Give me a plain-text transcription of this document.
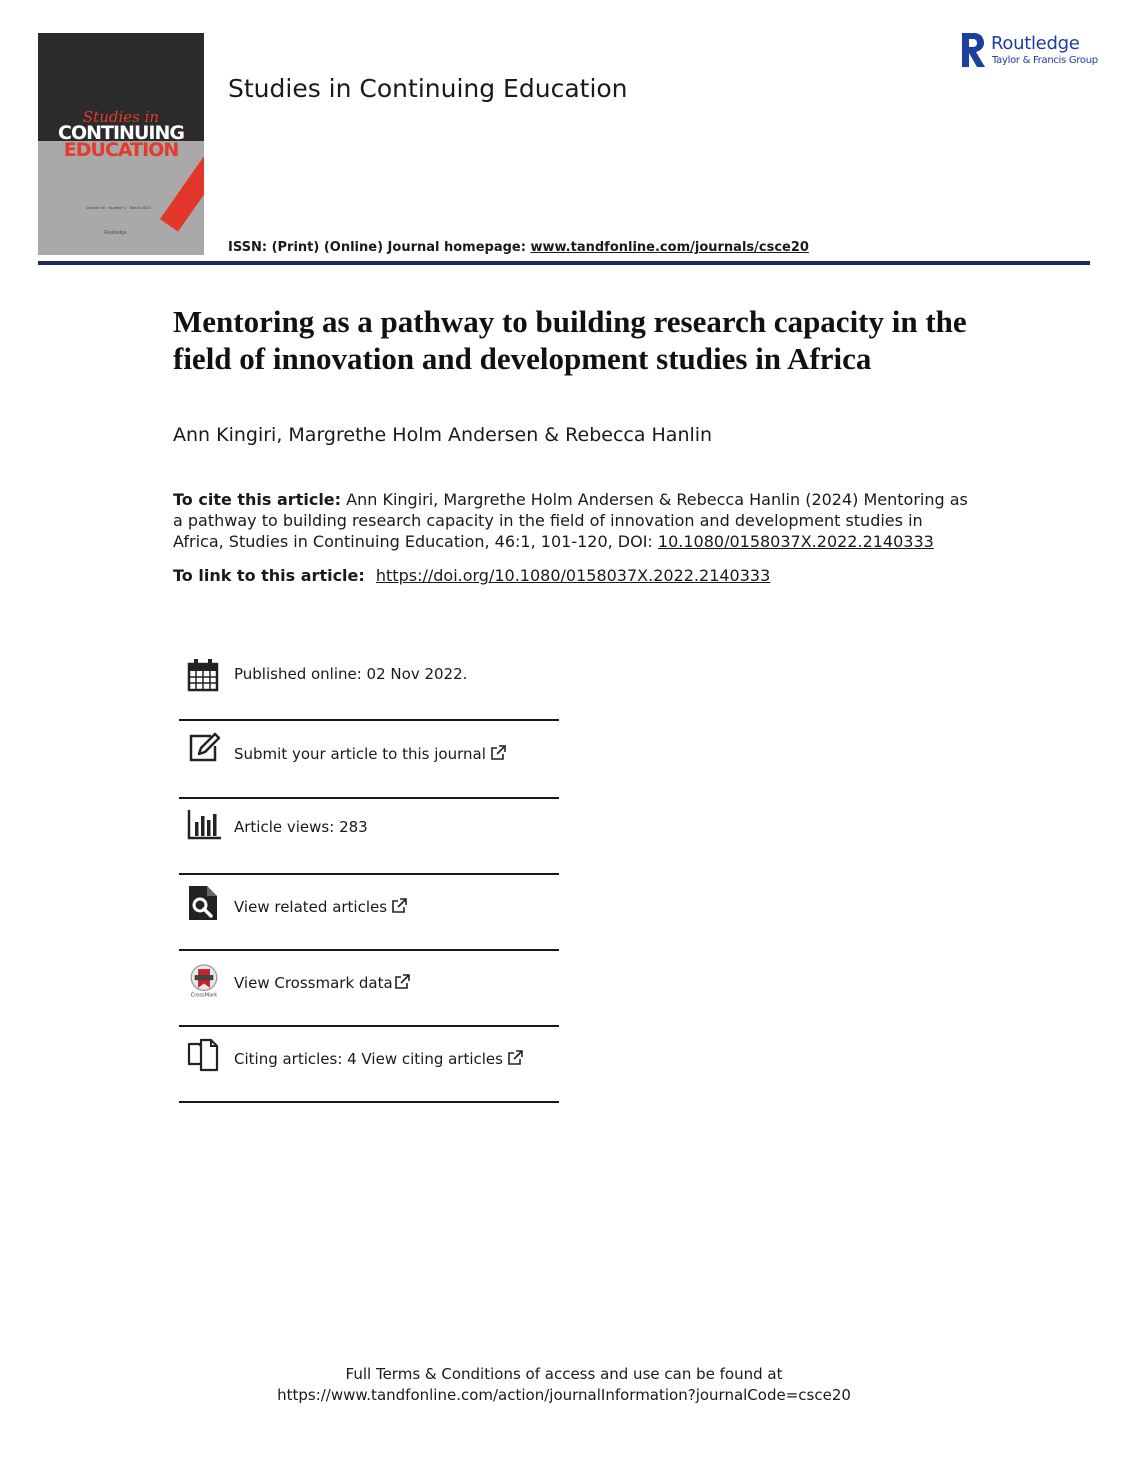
Studies in
CONTINUING
EDUCATION
Volume 46 · Number 1 · March 2024
Routledge
Studies in Continuing Education
ISSN: (Print) (Online) Journal homepage: www.tandfonline.com/journals/csce20
Routledge
Taylor & Francis Group
Mentoring as a pathway to building research capacity in the field of innovation and development studies in Africa
Ann Kingiri, Margrethe Holm Andersen & Rebecca Hanlin
To cite this article: Ann Kingiri, Margrethe Holm Andersen & Rebecca Hanlin (2024) Mentoring as a pathway to building research capacity in the field of innovation and development studies in Africa, Studies in Continuing Education, 46:1, 101-120, DOI: 10.1080/0158037X.2022.2140333
To link to this article: https://doi.org/10.1080/0158037X.2022.2140333
Published online: 02 Nov 2022.
Submit your article to this journal
Article views: 283
View related articles
CrossMark
View Crossmark data
Citing articles: 4 View citing articles
Full Terms & Conditions of access and use can be found at
https://www.tandfonline.com/action/journalInformation?journalCode=csce20
